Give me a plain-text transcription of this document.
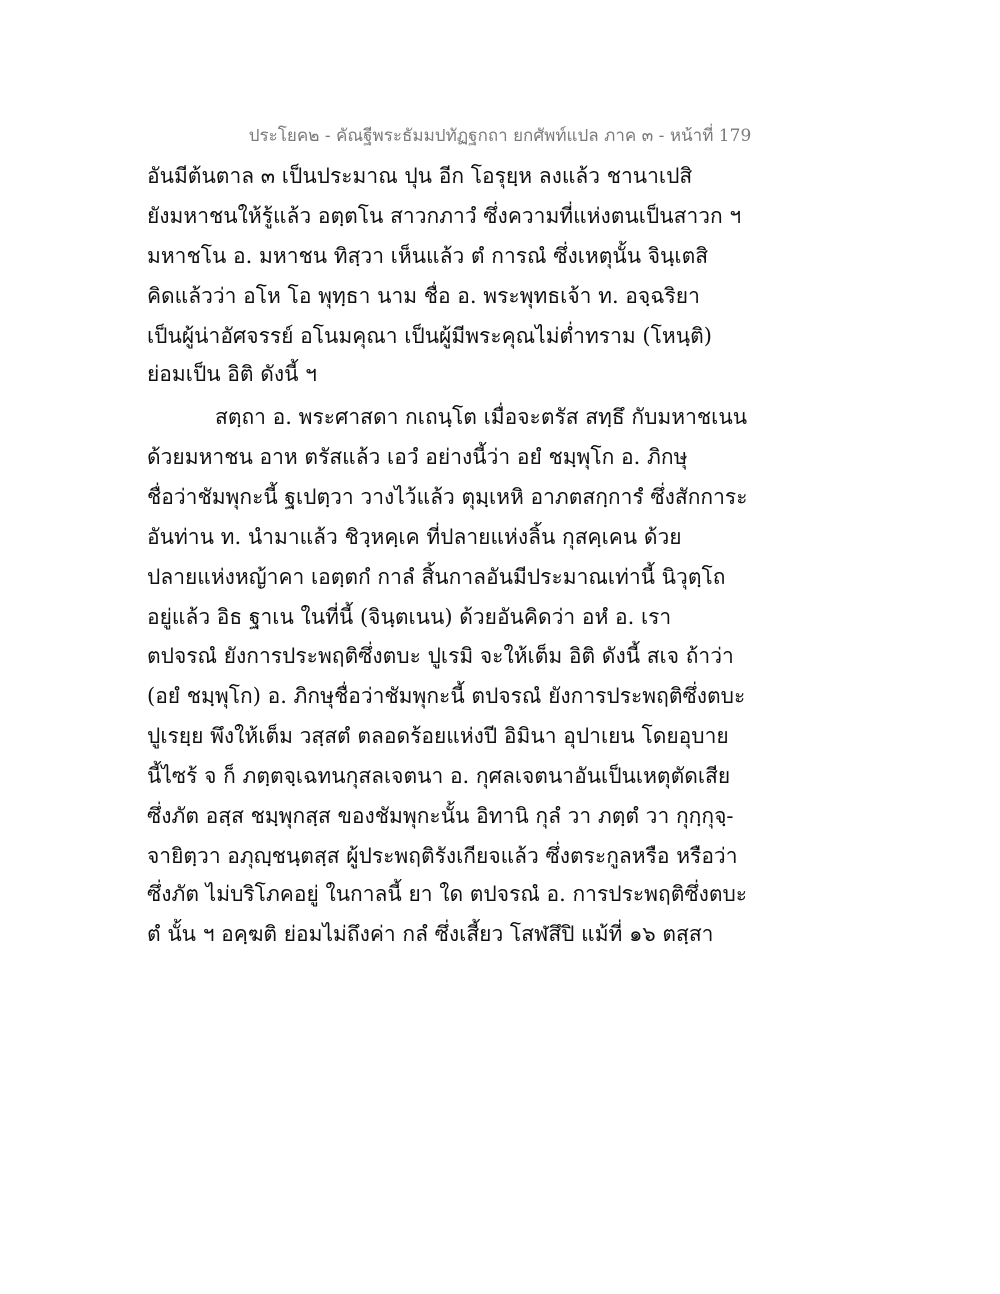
ประโยค๒ - คัณฐีพระธัมมปทัฏฐกถา ยกศัพท์แปล ภาค ๓ - หน้าที่ 179
อันมีต้นตาล ๓ เป็นประมาณ ปุน อีก โอรุยฺห ลงแล้ว ชานาเปสิ
ยังมหาชนให้รู้แล้ว อตฺตโน สาวกภาวํ ซึ่งความที่แห่งตนเป็นสาวก ฯ
มหาชโน อ. มหาชน ทิสฺวา เห็นแล้ว ตํ การณํ ซึ่งเหตุนั้น จินฺเตสิ
คิดแล้วว่า อโห โอ พุทฺธา นาม ชื่อ อ. พระพุทธเจ้า ท. อจฺฉริยา
เป็นผู้น่าอัศจรรย์ อโนมคุณา เป็นผู้มีพระคุณไม่ต่ำทราม (โหนฺติ)
ย่อมเป็น อิติ ดังนี้ ฯ
สตฺถา อ. พระศาสดา กเถนฺโต เมื่อจะตรัส สทฺธึ กับมหาชเนน
ด้วยมหาชน อาห ตรัสแล้ว เอวํ อย่างนี้ว่า อยํ ชมฺพุโก อ. ภิกษุ
ชื่อว่าชัมพุกะนี้ ฐเปตฺวา วางไว้แล้ว ตุมฺเหหิ อาภตสกฺการํ ซึ่งสักการะ
อันท่าน ท. นำมาแล้ว ชิวฺหคฺเค ที่ปลายแห่งลิ้น กุสคฺเคน ด้วย
ปลายแห่งหญ้าคา เอตฺตกํ กาลํ สิ้นกาลอันมีประมาณเท่านี้ นิวุตฺโถ
อยู่แล้ว อิธ ฐาเน ในที่นี้ (จินฺตเนน) ด้วยอันคิดว่า อหํ อ. เรา
ตปจรณํ ยังการประพฤติซึ่งตบะ ปูเรมิ จะให้เต็ม อิติ ดังนี้ สเจ ถ้าว่า
(อยํ ชมฺพุโก) อ. ภิกษุชื่อว่าชัมพุกะนี้ ตปจรณํ ยังการประพฤติซึ่งตบะ
ปูเรยฺย พึงให้เต็ม วสฺสตํ ตลอดร้อยแห่งปี อิมินา อุปาเยน โดยอุบาย
นี้ไซร้ จ ก็ ภตฺตจฺเฉทนกุสลเจตนา อ. กุศลเจตนาอันเป็นเหตุตัดเสีย
ซึ่งภัต อสฺส ชมฺพุกสฺส ของชัมพุกะนั้น อิทานิ กุลํ วา ภตฺตํ วา กุกฺกุจฺ-
จายิตฺวา อภุญฺชนฺตสฺส ผู้ประพฤติรังเกียจแล้ว ซึ่งตระกูลหรือ หรือว่า
ซึ่งภัต ไม่บริโภคอยู่ ในกาลนี้ ยา ใด ตปจรณํ อ. การประพฤติซึ่งตบะ
ตํ นั้น ฯ อคฺฆติ ย่อมไม่ถึงค่า กลํ ซึ่งเสี้ยว โสฬสึปิ แม้ที่ ๑๖ ตสฺสา
